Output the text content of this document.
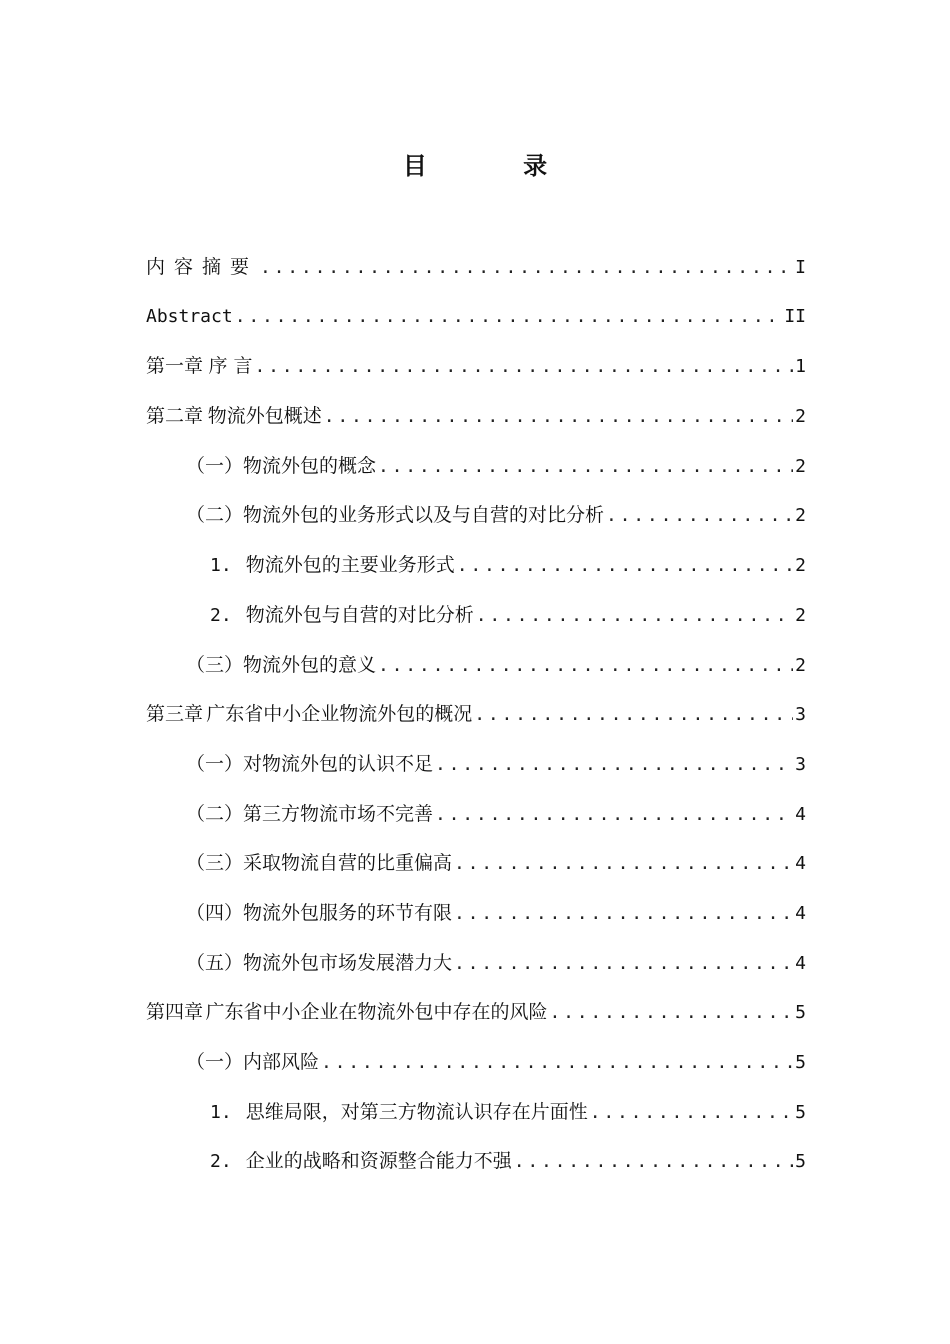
目 录
内容摘要 .....	I
Abstract .....	II
第一章 序 言 .....	1
第二章 物流外包概述 .....	2
（一）物流外包的概念 .....	2
（二）物流外包的业务形式以及与自营的对比分析 .....	2
1. 物流外包的主要业务形式 .....	2
2. 物流外包与自营的对比分析 .....	2
（三）物流外包的意义 .....	2
第三章 广东省中小企业物流外包的概况 .....	3
（一）对物流外包的认识不足 .....	3
（二）第三方物流市场不完善 .....	4
（三）采取物流自营的比重偏高 .....	4
（四）物流外包服务的环节有限 .....	4
（五）物流外包市场发展潜力大 .....	4
第四章 广东省中小企业在物流外包中存在的风险 .....	5
（一）内部风险 .....	5
1. 思维局限，对第三方物流认识存在片面性 .....	5
2. 企业的战略和资源整合能力不强 .....	5
